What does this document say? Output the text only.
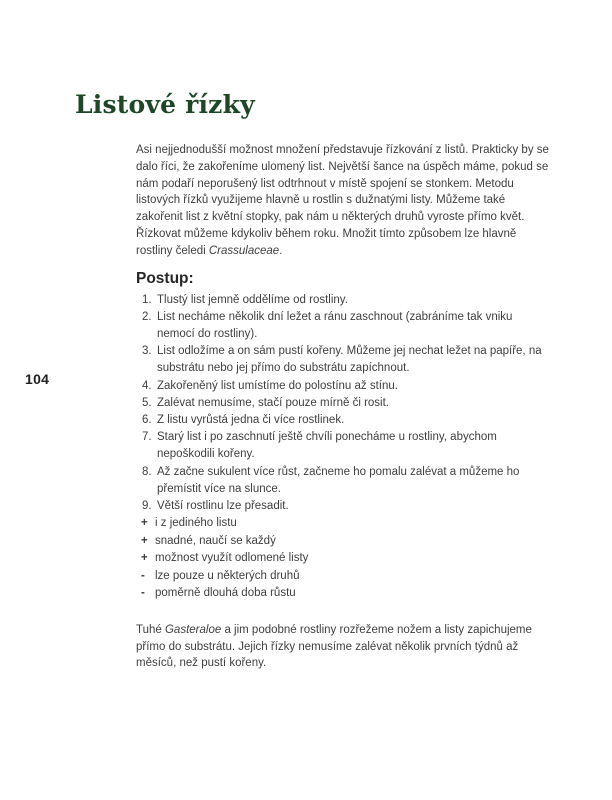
Listové řízky
104

Asi nejjednodušší možnost množení představuje řízkování z listů. Prakticky by se dalo říci, že zakořeníme ulomený list. Největší šance na úspěch máme, pokud se nám podaří neporušený list odtrhnout v místě spojení se stonkem. Metodu listových řízků využijeme hlavně u rostlin s dužnatými listy. Můžeme také zakořenit list z květní stopky, pak nám u některých druhů vyroste přímo květ. Řízkovat můžeme kdykoliv během roku. Množit tímto způsobem lze hlavně rostliny čeledi Crassulaceae.

Postup:
Tlustý list jemně oddělíme od rostliny.
List necháme několik dní ležet a ránu zaschnout (zabráníme tak vniku nemocí do rostliny).
List odložíme a on sám pustí kořeny. Můžeme jej nechat ležet na papíře, na substrátu nebo jej přímo do substrátu zapíchnout.
Zakořeněný list umístíme do polostínu až stínu.
Zalévat nemusíme, stačí pouze mírně či rosit.
Z listu vyrůstá jedna či více rostlinek.
Starý list i po zaschnutí ještě chvíli ponecháme u rostliny, abychom nepoškodili kořeny.
Až začne sukulent více růst, začneme ho pomalu zalévat a můžeme ho přemístit více na slunce.
Větší rostlinu lze přesadit.
+ i z jediného listu
+ snadné, naučí se každý
+ možnost využít odlomené listy
- lze pouze u některých druhů
- poměrně dlouhá doba růstu

Tuhé Gasteraloe a jim podobné rostliny rozřežeme nožem a listy zapichujeme přímo do substrátu. Jejich řízky nemusíme zalévat několik prvních týdnů až měsíců, než pustí kořeny.
